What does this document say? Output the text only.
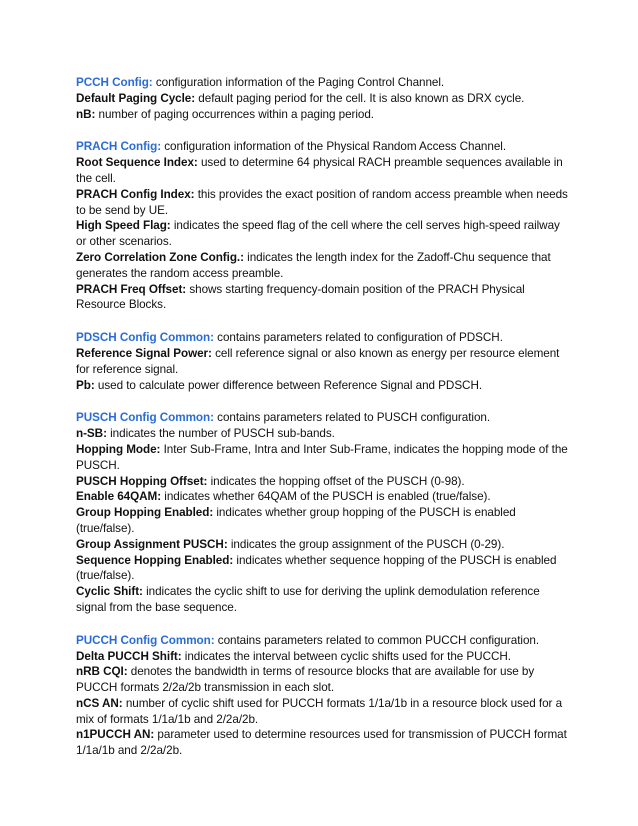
PCCH Config: configuration information of the Paging Control Channel.

Default Paging Cycle: default paging period for the cell. It is also known as DRX cycle.

nB: number of paging occurrences within a paging period.

PRACH Config: configuration information of the Physical Random Access Channel.

Root Sequence Index: used to determine 64 physical RACH preamble sequences available in the cell.

PRACH Config Index: this provides the exact position of random access preamble when needs to be send by UE.

High Speed Flag: indicates the speed flag of the cell where the cell serves high-speed railway or other scenarios.

Zero Correlation Zone Config.: indicates the length index for the Zadoff-Chu sequence that generates the random access preamble.

PRACH Freq Offset: shows starting frequency-domain position of the PRACH Physical Resource Blocks.

PDSCH Config Common: contains parameters related to configuration of PDSCH.

Reference Signal Power: cell reference signal or also known as energy per resource element for reference signal.

Pb: used to calculate power difference between Reference Signal and PDSCH.

PUSCH Config Common: contains parameters related to PUSCH configuration.

n-SB: indicates the number of PUSCH sub-bands.

Hopping Mode: Inter Sub-Frame, Intra and Inter Sub-Frame, indicates the hopping mode of the PUSCH.

PUSCH Hopping Offset: indicates the hopping offset of the PUSCH (0-98).

Enable 64QAM: indicates whether 64QAM of the PUSCH is enabled (true/false).

Group Hopping Enabled: indicates whether group hopping of the PUSCH is enabled (true/false).

Group Assignment PUSCH: indicates the group assignment of the PUSCH (0-29).

Sequence Hopping Enabled: indicates whether sequence hopping of the PUSCH is enabled (true/false).

Cyclic Shift: indicates the cyclic shift to use for deriving the uplink demodulation reference signal from the base sequence.

PUCCH Config Common: contains parameters related to common PUCCH configuration.

Delta PUCCH Shift: indicates the interval between cyclic shifts used for the PUCCH.

nRB CQI: denotes the bandwidth in terms of resource blocks that are available for use by PUCCH formats 2/2a/2b transmission in each slot.

nCS AN: number of cyclic shift used for PUCCH formats 1/1a/1b in a resource block used for a mix of formats 1/1a/1b and 2/2a/2b.

n1PUCCH AN: parameter used to determine resources used for transmission of PUCCH format 1/1a/1b and 2/2a/2b.
